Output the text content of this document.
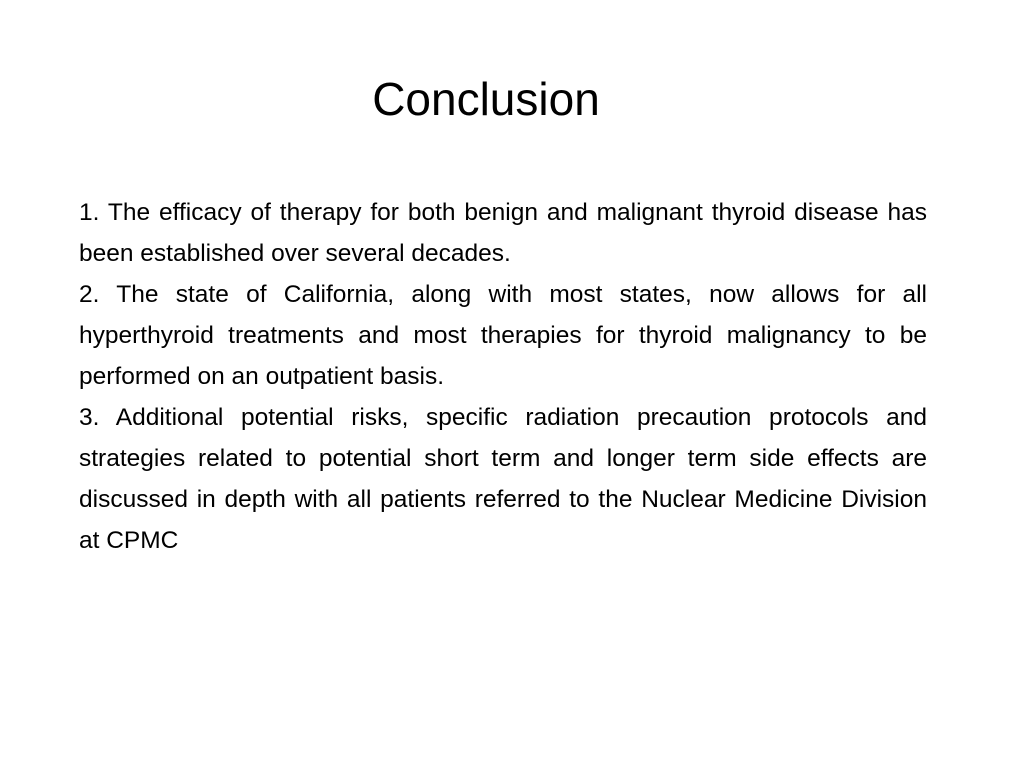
Conclusion

1. The efficacy of therapy for both benign and malignant thyroid disease has been established over several decades.

2. The state of California, along with most states, now allows for all hyperthyroid treatments and most therapies for thyroid malignancy to be performed on an outpatient basis.

3. Additional potential risks, specific radiation precaution protocols and strategies related to potential short term and longer term side effects are discussed in depth with all patients referred to the Nuclear Medicine Division at CPMC
